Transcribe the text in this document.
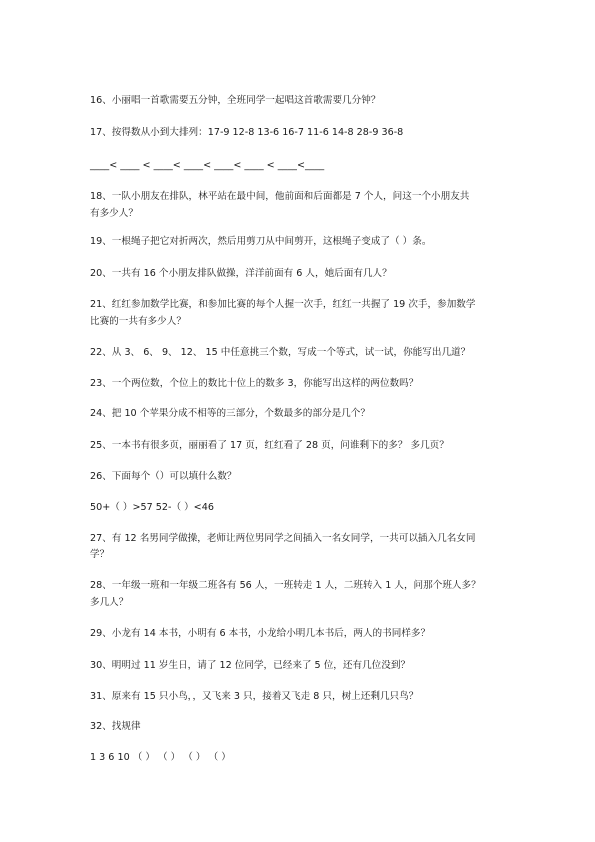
16、小丽唱一首歌需要五分钟，全班同学一起唱这首歌需要几分钟？
17、按得数从小到大排列：17-9 12-8 13-6 16-7 11-6 14-8 28-9 36-8
____< ____ < ____< ____< ____< ____ < ____<____
18、一队小朋友在排队，林平站在最中间，他前面和后面都是 7 个人，问这一个小朋友共
有多少人？
19、一根绳子把它对折两次，然后用剪刀从中间剪开，这根绳子变成了（ ）条。
20、一共有 16 个小朋友排队做操，洋洋前面有 6 人，她后面有几人？
21、红红参加数学比赛，和参加比赛的每个人握一次手，红红一共握了 19 次手，参加数学
比赛的一共有多少人？
22、从 3、 6、 9、 12、 15 中任意挑三个数，写成一个等式，试一试，你能写出几道？
23、一个两位数，个位上的数比十位上的数多 3，你能写出这样的两位数吗？
24、把 10 个苹果分成不相等的三部分，个数最多的部分是几个？
25、一本书有很多页，丽丽看了 17 页，红红看了 28 页，问谁剩下的多？ 多几页？
26、下面每个（）可以填什么数？
50+（ ）>57 52-（ ）<46
27、有 12 名男同学做操，老师让两位男同学之间插入一名女同学，一共可以插入几名女同
学？
28、一年级一班和一年级二班各有 56 人，一班转走 1 人，二班转入 1 人，问那个班人多？
多几人？
29、小龙有 14 本书，小明有 6 本书，小龙给小明几本书后，两人的书同样多？
30、明明过 11 岁生日，请了 12 位同学，已经来了 5 位，还有几位没到？
31、原来有 15 只小鸟，，又飞来 3 只，接着又飞走 8 只，树上还剩几只鸟？
32、找规律
1 3 6 10 （ ） （ ） （ ） （ ）
